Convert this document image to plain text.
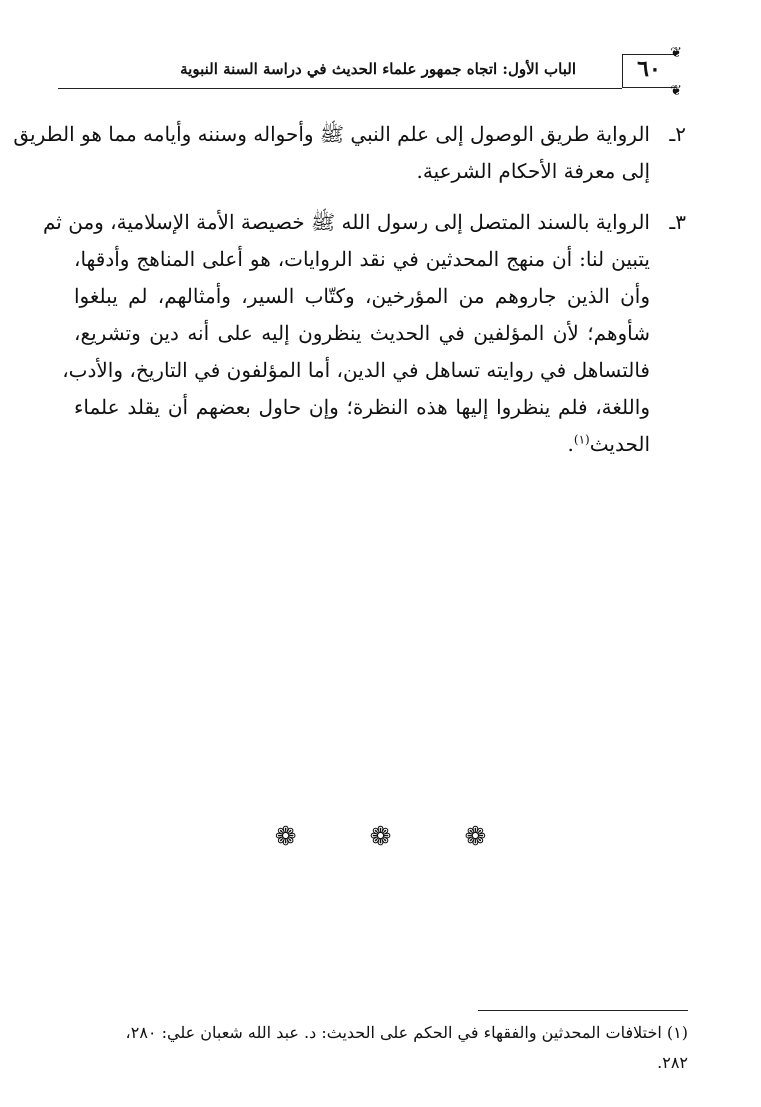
الباب الأول: اتجاه جمهور علماء الحديث في دراسة السنة النبوية	٦٠
❦
❦
٢ـ
الرواية طريق الوصول إلى علم النبي ﷺ وأحواله وسننه وأيامه مما هو الطريق
إلى معرفة الأحكام الشرعية.
٣ـ
الرواية بالسند المتصل إلى رسول الله ﷺ خصيصة الأمة الإسلامية، ومن ثم
يتبين لنا: أن منهج المحدثين في نقد الروايات، هو أعلى المناهج وأدقها،
وأن الذين جاروهم من المؤرخين، وكتّاب السير، وأمثالهم، لم يبلغوا
شأوهم؛ لأن المؤلفين في الحديث ينظرون إليه على أنه دين وتشريع،
فالتساهل في روايته تساهل في الدين، أما المؤلفون في التاريخ، والأدب،
واللغة، فلم ينظروا إليها هذه النظرة؛ وإن حاول بعضهم أن يقلد علماء
الحديث$^{(١)}$.
❁ ❁ ❁
(١) اختلافات المحدثين والفقهاء في الحكم على الحديث: د. عبد الله شعبان علي: ٢٨٠،
٢٨٢.
